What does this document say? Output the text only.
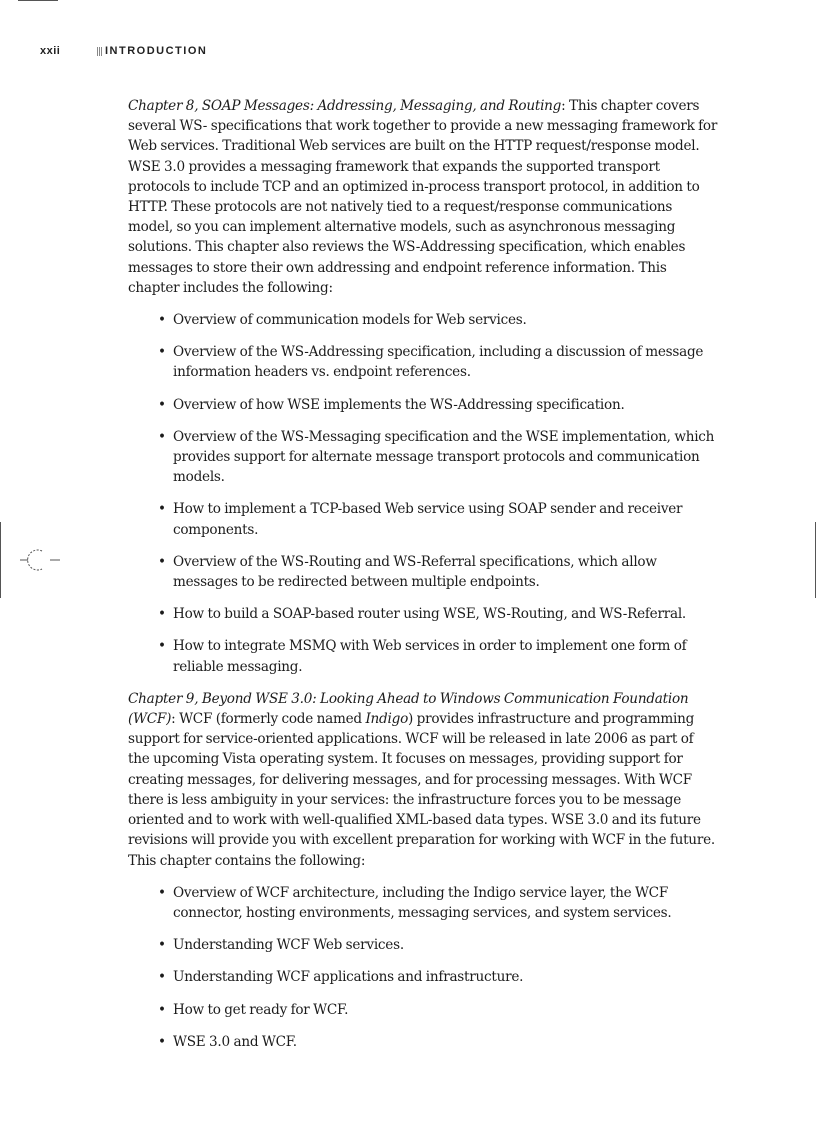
xxii	INTRODUCTION

Chapter 8, SOAP Messages: Addressing, Messaging, and Routing: This chapter covers several WS- specifications that work together to provide a new messaging framework for Web services. Traditional Web services are built on the HTTP request/response model. WSE 3.0 provides a messaging framework that expands the supported transport protocols to include TCP and an optimized in-process transport protocol, in addition to HTTP. These protocols are not natively tied to a request/response communications model, so you can implement alternative models, such as asynchronous messaging solutions. This chapter also reviews the WS-Addressing specification, which enables messages to store their own addressing and endpoint reference information. This chapter includes the following:

• Overview of communication models for Web services.
• Overview of the WS-Addressing specification, including a discussion of message information headers vs. endpoint references.
• Overview of how WSE implements the WS-Addressing specification.
• Overview of the WS-Messaging specification and the WSE implementation, which provides support for alternate message transport protocols and communication models.
• How to implement a TCP-based Web service using SOAP sender and receiver components.
• Overview of the WS-Routing and WS-Referral specifications, which allow messages to be redirected between multiple endpoints.
• How to build a SOAP-based router using WSE, WS-Routing, and WS-Referral.
• How to integrate MSMQ with Web services in order to implement one form of reliable messaging.

Chapter 9, Beyond WSE 3.0: Looking Ahead to Windows Communication Foundation (WCF): WCF (formerly code named Indigo) provides infrastructure and programming support for service-oriented applications. WCF will be released in late 2006 as part of the upcoming Vista operating system. It focuses on messages, providing support for creating messages, for delivering messages, and for processing messages. With WCF there is less ambiguity in your services: the infrastructure forces you to be message oriented and to work with well-qualified XML-based data types. WSE 3.0 and its future revisions will provide you with excellent preparation for working with WCF in the future. This chapter contains the following:

• Overview of WCF architecture, including the Indigo service layer, the WCF connector, hosting environments, messaging services, and system services.
• Understanding WCF Web services.
• Understanding WCF applications and infrastructure.
• How to get ready for WCF.
• WSE 3.0 and WCF.
